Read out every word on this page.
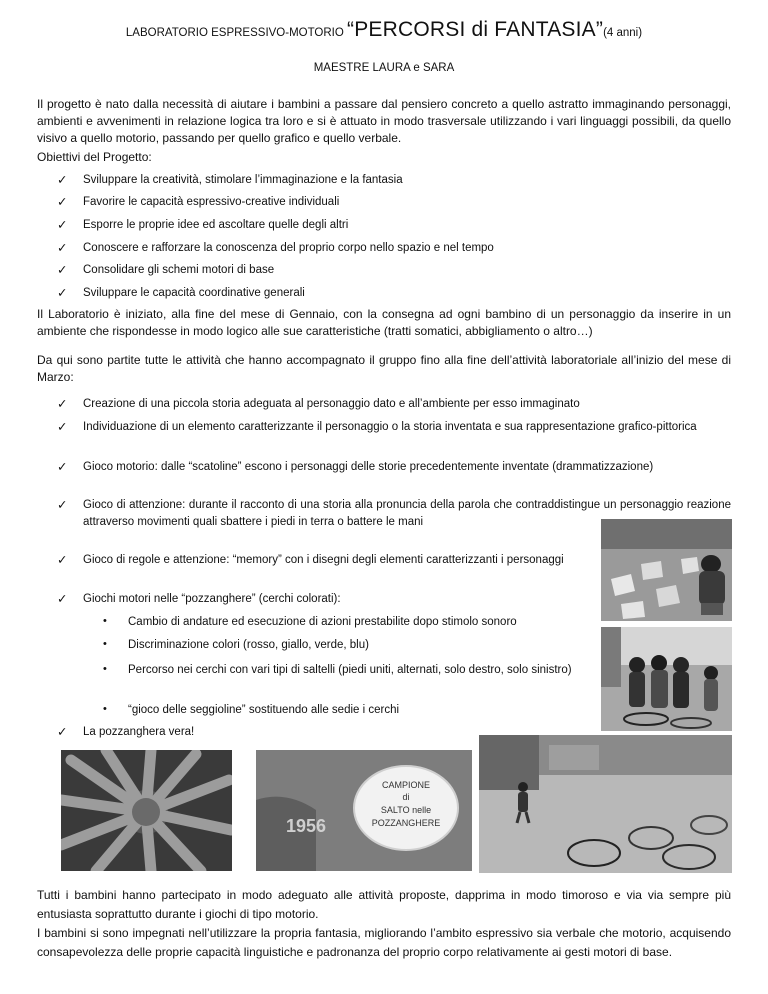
LABORATORIO ESPRESSIVO-MOTORIO “PERCORSI di FANTASIA”(4 anni)
MAESTRE LAURA e SARA
Il progetto è nato dalla necessità di aiutare i bambini a passare dal pensiero concreto a quello astratto immaginando personaggi, ambienti e avvenimenti in relazione logica tra loro e si è attuato in modo trasversale utilizzando i vari linguaggi possibili, da quello visivo a quello motorio, passando per quello grafico e quello verbale.
Obiettivi del Progetto:
✓ Sviluppare la creatività, stimolare l’immaginazione e la fantasia
✓ Favorire le capacità espressivo-creative individuali
✓ Esporre le proprie idee ed ascoltare quelle degli altri
✓ Conoscere e rafforzare la conoscenza del proprio corpo nello spazio e nel tempo
✓ Consolidare gli schemi motori di base
✓ Sviluppare le capacità coordinative generali
Il Laboratorio è iniziato, alla fine del mese di Gennaio, con la consegna ad ogni bambino di un personaggio da inserire in un ambiente che rispondesse in modo logico alle sue caratteristiche (tratti somatici, abbigliamento o altro…)
Da qui sono partite tutte le attività che hanno accompagnato il gruppo fino alla fine dell’attività laboratoriale all’inizio del mese di Marzo:
✓ Creazione di una piccola storia adeguata al personaggio dato e all’ambiente per esso immaginato
✓ Individuazione di un elemento caratterizzante il personaggio o la storia inventata e sua rappresentazione grafico-pittorica
✓ Gioco motorio: dalle “scatoline” escono i personaggi delle storie precedentemente inventate (drammatizzazione)
✓ Gioco di attenzione: durante il racconto di una storia alla pronuncia della parola che contraddistingue un personaggio reazione attraverso movimenti quali sbattere i piedi in terra o battere le mani
✓ Gioco di regole e attenzione: “memory” con i disegni degli elementi caratterizzanti i personaggi
✓ Giochi motori nelle “pozzanghere” (cerchi colorati):
• Cambio di andature ed esecuzione di azioni prestabilite dopo stimolo sonoro
• Discriminazione colori (rosso, giallo, verde, blu)
• Percorso nei cerchi con vari tipi di saltelli (piedi uniti, alternati, solo destro, solo sinistro)
• “gioco delle seggioline” sostituendo alle sedie i cerchi
✓ La pozzanghera vera!
1956
CAMPIONE
di
SALTO nelle
POZZANGHERE
Tutti i bambini hanno partecipato in modo adeguato alle attività proposte, dapprima in modo timoroso e via via sempre più entusiasta soprattutto durante i giochi di tipo motorio.
I bambini si sono impegnati nell’utilizzare la propria fantasia, migliorando l’ambito espressivo sia verbale che motorio, acquisendo consapevolezza delle proprie capacità linguistiche e padronanza del proprio corpo relativamente ai gesti motori di base.
